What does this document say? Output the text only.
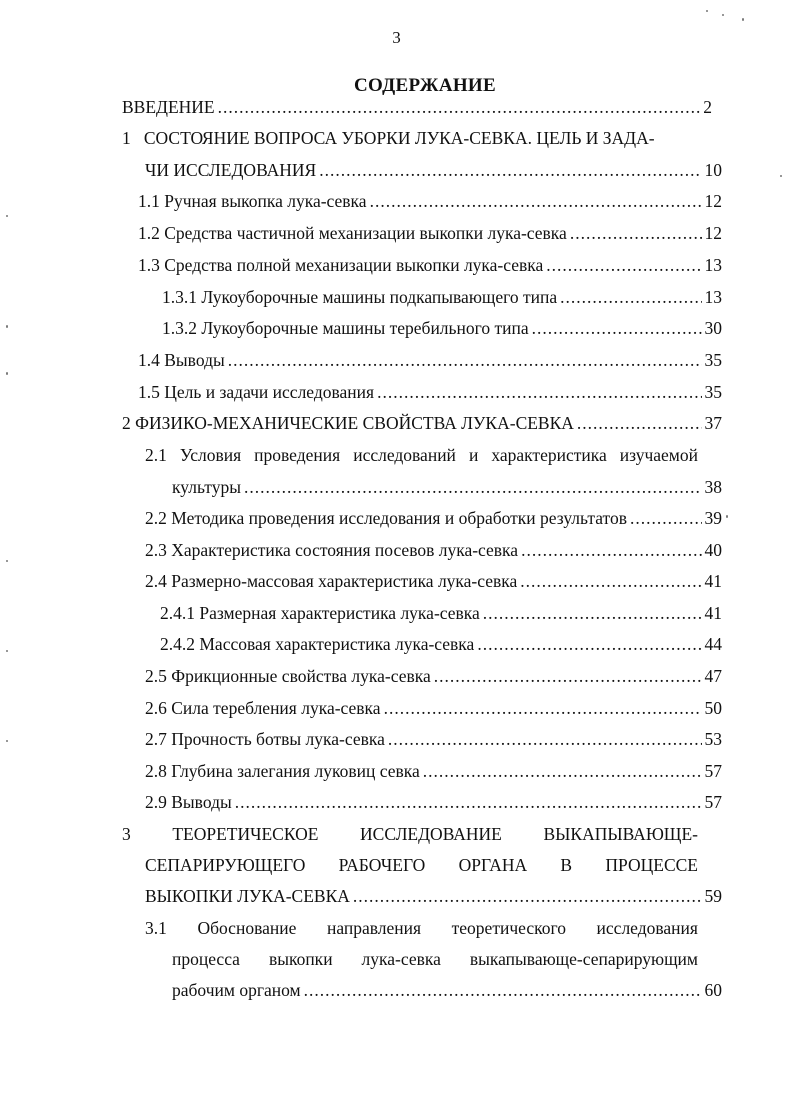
3
СОДЕРЖАНИЕ
ВВЕДЕНИЕ .....	2
1 СОСТОЯНИЕ ВОПРОСА УБОРКИ ЛУКА-СЕВКА. ЦЕЛЬ И ЗАДА-
ЧИ ИССЛЕДОВАНИЯ .....	10
1.1 Ручная выкопка лука-севка .....	12
1.2 Средства частичной механизации выкопки лука-севка .....	12
1.3 Средства полной механизации выкопки лука-севка .....	13
1.3.1 Лукоуборочные машины подкапывающего типа .....	13
1.3.2 Лукоуборочные машины теребильного типа .....	30
1.4 Выводы .....	35
1.5 Цель и задачи исследования .....	35
2 ФИЗИКО-МЕХАНИЧЕСКИЕ СВОЙСТВА ЛУКА-СЕВКА .....	37
2.1 Условия проведения исследований и характеристика изучаемой
культуры .....	38
2.2 Методика проведения исследования и обработки результатов .....	39
2.3 Характеристика состояния посевов лука-севка .....	40
2.4 Размерно-массовая характеристика лука-севка .....	41
2.4.1 Размерная характеристика лука-севка .....	41
2.4.2 Массовая характеристика лука-севка .....	44
2.5 Фрикционные свойства лука-севка .....	47
2.6 Сила теребления лука-севка .....	50
2.7 Прочность ботвы лука-севка .....	53
2.8 Глубина залегания луковиц севка .....	57
2.9 Выводы .....	57
3 ТЕОРЕТИЧЕСКОЕ ИССЛЕДОВАНИЕ ВЫКАПЫВАЮЩЕ-
СЕПАРИРУЮЩЕГО РАБОЧЕГО ОРГАНА В ПРОЦЕССЕ
ВЫКОПКИ ЛУКА-СЕВКА .....	59
3.1 Обоснование направления теоретического исследования
процесса выкопки лука-севка выкапывающе-сепарирующим
рабочим органом .....	60
